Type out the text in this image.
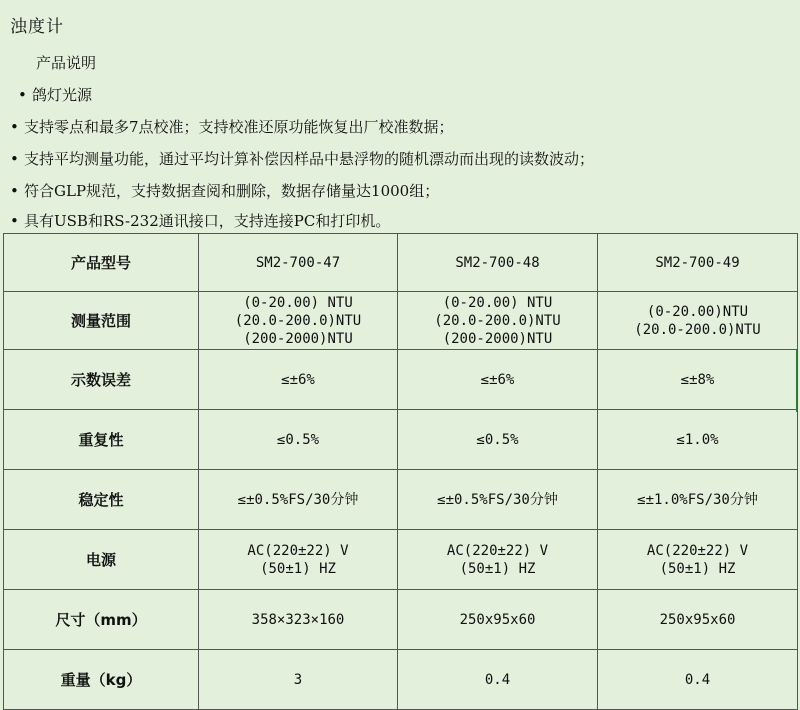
浊度计
产品说明
• 鸽灯光源
• 支持零点和最多7点校准；支持校准还原功能恢复出厂校准数据；
• 支持平均测量功能，通过平均计算补偿因样品中悬浮物的随机漂动而出现的读数波动；
• 符合GLP规范，支持数据查阅和删除，数据存储量达1000组；
• 具有USB和RS-232通讯接口，支持连接PC和打印机。
产品型号	SM2-700-47	SM2-700-48	SM2-700-49
测量范围	(0-20.00) NTU
(20.0-200.0)NTU
(200-2000)NTU	(0-20.00) NTU
(20.0-200.0)NTU
(200-2000)NTU	(0-20.00)NTU
(20.0-200.0)NTU

示数误差	≤±6%	≤±6%	≤±8%
重复性	≤0.5%	≤0.5%	≤1.0%
稳定性	≤±0.5%FS/30分钟	≤±0.5%FS/30分钟	≤±1.0%FS/30分钟
电源	AC(220±22) V
(50±1) HZ	AC(220±22) V
(50±1) HZ	AC(220±22) V
(50±1) HZ

尺寸（mm）	358×323×160	250x95x60	250x95x60
重量（kg）	3	0.4	0.4
